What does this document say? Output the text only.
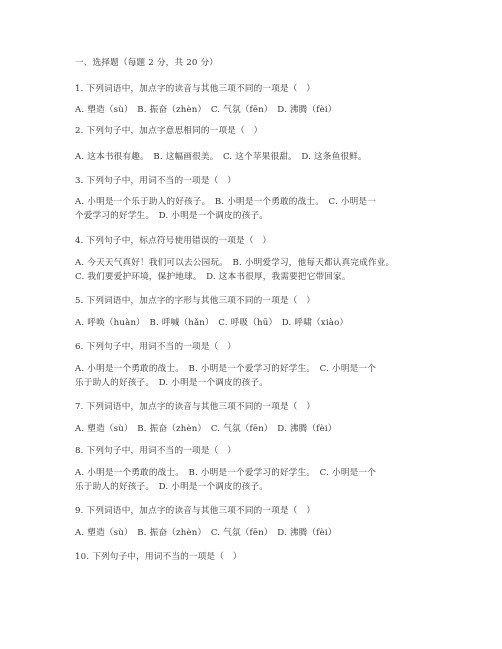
一、选择题（每题 2 分，共 20 分）
1. 下列词语中，加点字的读音与其他三项不同的一项是（　）
A. 塑造（sù）　B. 振奋（zhèn）　C. 气氛（fēn）　D. 沸腾（fèi）
2. 下列句子中，加点字意思相同的一项是（　）
A. 这本书很有趣。　B. 这幅画很美。　C. 这个苹果很甜。　D. 这条鱼很鲜。
3. 下列句子中，用词不当的一项是（　）
A. 小明是一个乐于助人的好孩子。　B. 小明是一个勇敢的战士。　C. 小明是一
个爱学习的好学生。　D. 小明是一个调皮的孩子。
4. 下列句子中，标点符号使用错误的一项是（　）
A. 今天天气真好！我们可以去公园玩。　B. 小明爱学习，他每天都认真完成作业。
C. 我们要爱护环境，保护地球。　D. 这本书很厚，我需要把它带回家。
5. 下列词语中，加点字的字形与其他三项不同的一项是（　）
A. 呼唤（huàn）　B. 呼喊（hǎn）　C. 呼吸（hū）　D. 呼啸（xiào）
6. 下列句子中，用词不当的一项是（　）
A. 小明是一个勇敢的战士。　B. 小明是一个爱学习的好学生。　C. 小明是一个
乐于助人的好孩子。　D. 小明是一个调皮的孩子。
7. 下列词语中，加点字的读音与其他三项不同的一项是（　）
A. 塑造（sù）　B. 振奋（zhèn）　C. 气氛（fēn）　D. 沸腾（fèi）
8. 下列句子中，用词不当的一项是（　）
A. 小明是一个勇敢的战士。　B. 小明是一个爱学习的好学生。　C. 小明是一个
乐于助人的好孩子。　D. 小明是一个调皮的孩子。
9. 下列词语中，加点字的读音与其他三项不同的一项是（　）
A. 塑造（sù）　B. 振奋（zhèn）　C. 气氛（fēn）　D. 沸腾（fèi）
10. 下列句子中，用词不当的一项是（　）
